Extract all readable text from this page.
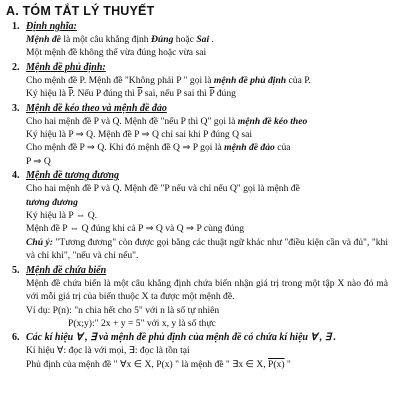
A. TÓM TẮT LÝ THUYẾT
1. Định nghĩa:
Mệnh đề là một câu khẳng định Đúng hoặc Sai .
Một mệnh đề không thể vừa đúng hoặc vừa sai
2. Mệnh đề phủ định:
Cho mệnh đề P. Mệnh đề "Không phải P " gọi là mệnh đề phủ định của P.
Ký hiệu là $\overline{P}$. Nếu P đúng thì $\overline{P}$ sai, nếu P sai thì $\overline{P}$ đúng
3. Mệnh đề kéo theo và mệnh đề đảo
Cho hai mệnh đề P và Q. Mệnh đề "nếu P thì Q" gọi là mệnh đề kéo theo
Ký hiệu là P ⇒ Q. Mệnh đề P ⇒ Q chỉ sai khi P đúng Q sai
Cho mệnh đề P ⇒ Q. Khi đó mệnh đề Q ⇒ P gọi là mệnh đề đảo của
P ⇒ Q
4. Mệnh đề tương đương
Cho hai mệnh đề P và Q. Mệnh đề "P nếu và chỉ nếu Q" gọi là mệnh đề
tương đương
Ký hiệu là P ⇔ Q.
Mệnh đề P ⇔ Q đúng khi cả P ⇒ Q và Q ⇒ P cùng đúng
Chú ý: "Tương đương" còn được gọi bằng các thuật ngữ khác như "điều kiện cần và đủ", "khi và chỉ khi", "nếu và chỉ nếu".
5. Mệnh đề chứa biến
Mệnh đề chứa biến là một câu khẳng định chứa biến nhận giá trị trong một tập X nào đó mà với mỗi giá trị của biến thuộc X ta được một mệnh đề.
Ví dụ: P(n): "n chia hết cho 5" với n là số tự nhiên
P(x;y):" 2x + y = 5" với x, y là số thực
6. Các kí hiệu ∀ , ∃ và mệnh đề phủ định của mệnh đề có chứa kí hiệu ∀ , ∃ .
Kí hiệu ∀: đọc là với mọi, ∃: đọc là tồn tại
Phủ định của mệnh đề " ∀x ∈ X, P(x) " là mệnh đề " ∃x ∈ X, P(x) "
